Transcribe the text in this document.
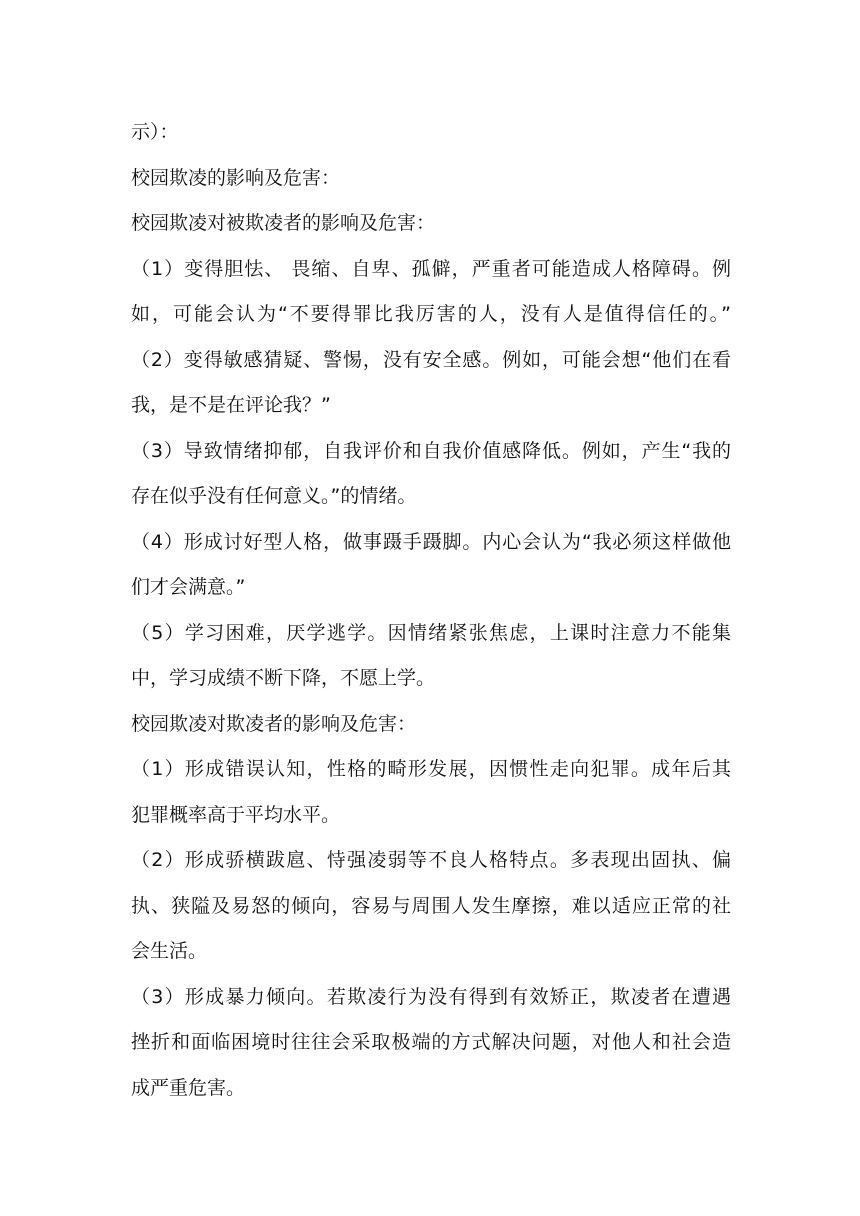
示）：
校园欺凌的影响及危害：
校园欺凌对被欺凌者的影响及危害：
（1）变得胆怯、 畏缩、自卑、孤僻，严重者可能造成人格障碍。例
如，可能会认为“不要得罪比我厉害的人，没有人是值得信任的。”
（2）变得敏感猜疑、警惕，没有安全感。例如，可能会想“他们在看
我，是不是在评论我？”
（3）导致情绪抑郁，自我评价和自我价值感降低。例如，产生“我的
存在似乎没有任何意义。”的情绪。
（4）形成讨好型人格，做事蹑手蹑脚。内心会认为“我必须这样做他
们才会满意。”
（5）学习困难，厌学逃学。因情绪紧张焦虑，上课时注意力不能集
中，学习成绩不断下降，不愿上学。
校园欺凌对欺凌者的影响及危害：
（1）形成错误认知，性格的畸形发展，因惯性走向犯罪。成年后其
犯罪概率高于平均水平。
（2）形成骄横跋扈、恃强凌弱等不良人格特点。多表现出固执、偏
执、狭隘及易怒的倾向，容易与周围人发生摩擦，难以适应正常的社
会生活。
（3）形成暴力倾向。若欺凌行为没有得到有效矫正，欺凌者在遭遇
挫折和面临困境时往往会采取极端的方式解决问题，对他人和社会造
成严重危害。
